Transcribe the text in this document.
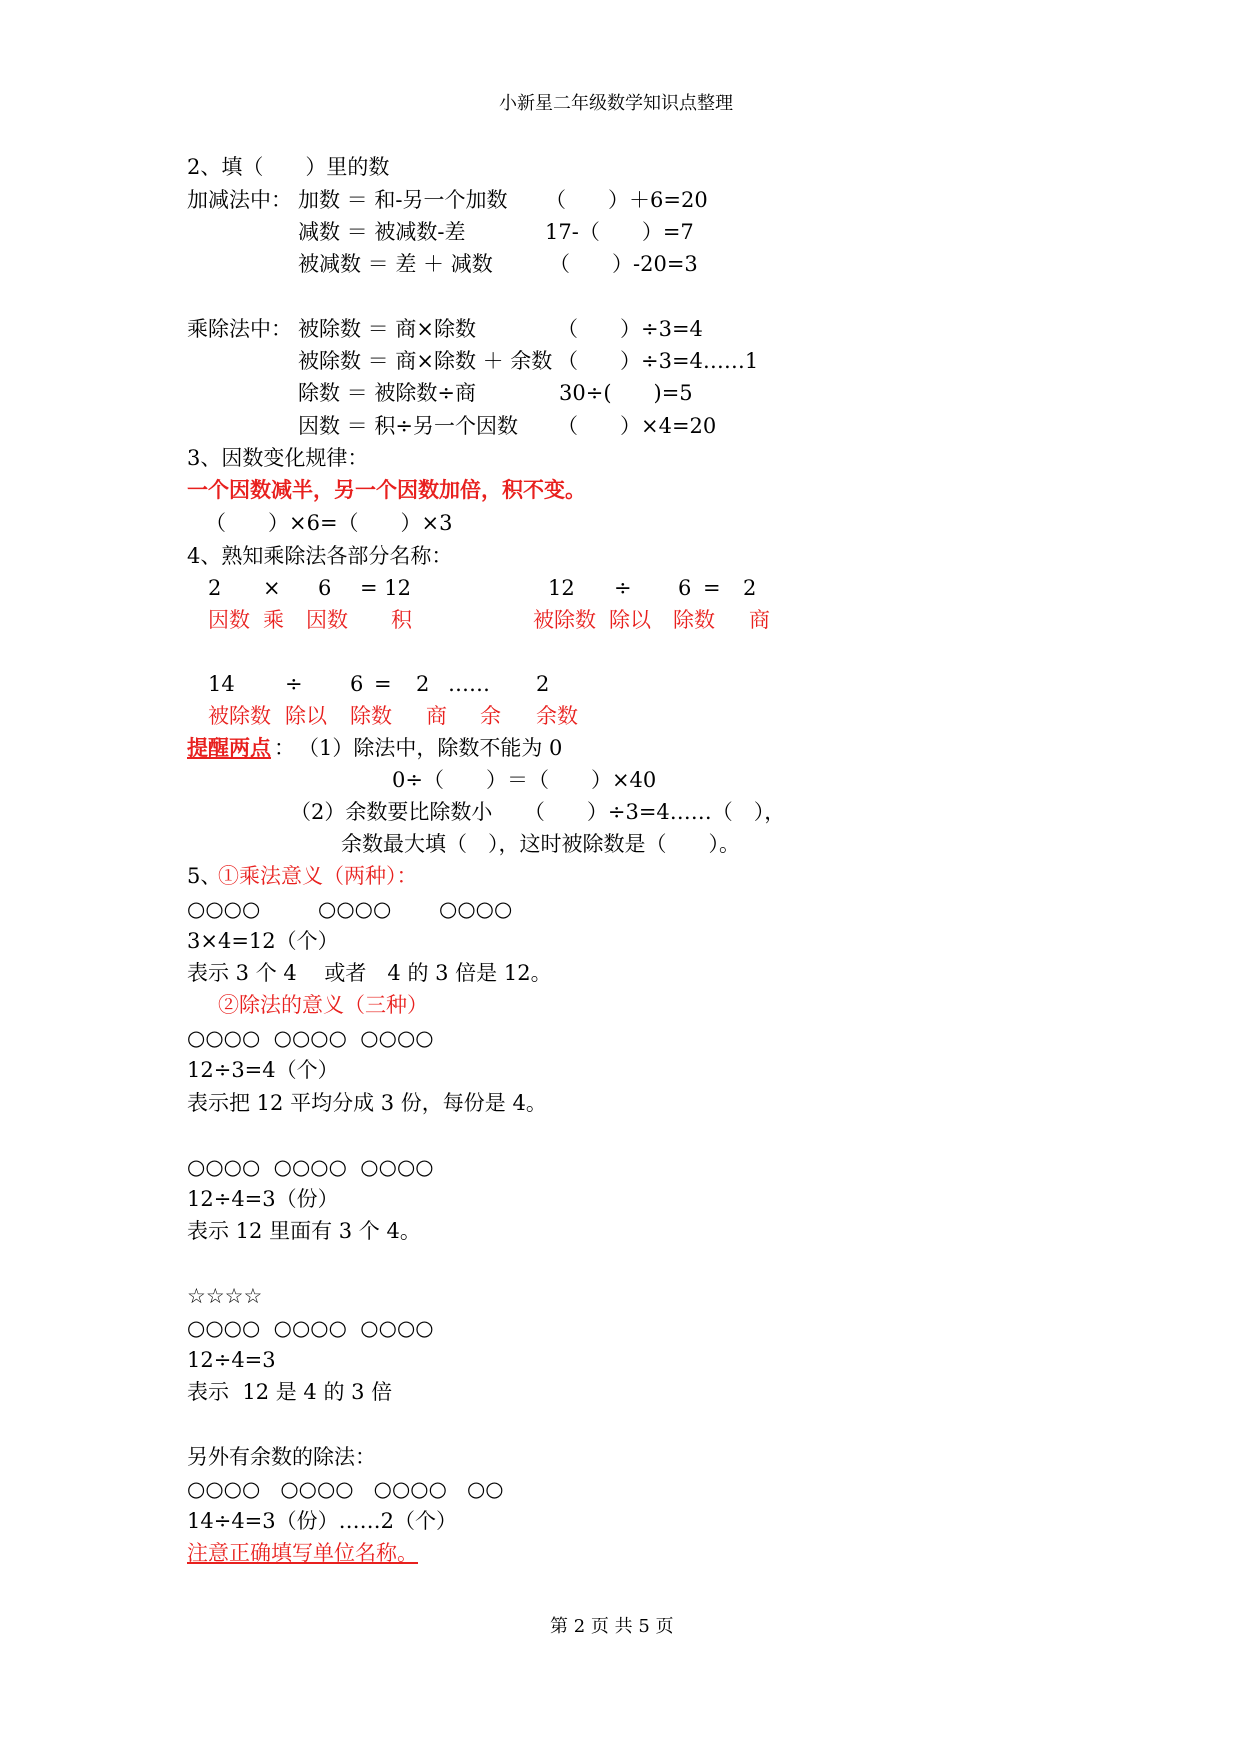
小新星二年级数学知识点整理
2、填（　　）里的数
加减法中： 加数 ＝ 和-另一个加数 （　　）＋6=20
减数 ＝ 被减数-差	17-（　　）=7
被减数 ＝ 差 ＋ 减数	（　　）-20=3
乘除法中： 被除数 ＝ 商×除数	（　　）÷3=4
被除数 ＝ 商×除数 ＋ 余数 （　　）÷3=4……1
除数 ＝ 被除数÷商	30÷(　　)=5
因数 ＝ 积÷另一个因数 （　　）×4=20
3、因数变化规律：
一个因数减半，另一个因数加倍，积不变。
（　　）×6=（　　）×3
4、熟知乘除法各部分名称：
2 × 6 = 12	12 ÷ 6 = 2
因数 乘 因数 积	被除数 除以 除数 商
14 ÷ 6 = 2 …… 2
被除数 除以 除数 商 余 余数
提醒两点 ： （1）除法中，除数不能为 0
0÷（　　）＝（　　）×40
（2）余数要比除数小　　（　　）÷3=4……（　），
余数最大填（　），这时被除数是（　　）。
5、
①乘法意义（两种）：
○○○○	○○○○ ○○○○
3×4=12（个）
表示 3 个 4　 或者　4 的 3 倍是 12。
②除法的意义（三种）
○○○○  ○○○○  ○○○○
12÷3=4（个）
表示把 12 平均分成 3 份，每份是 4。
○○○○  ○○○○  ○○○○
12÷4=3（份）
表示 12 里面有 3 个 4。
☆☆☆☆
○○○○  ○○○○  ○○○○
12÷4=3
表示  12 是 4 的 3 倍
另外有余数的除法：
○○○○   ○○○○   ○○○○   ○○
14÷4=3（份）……2（个）
注意正确填写单位名称。
第 2 页 共 5 页
